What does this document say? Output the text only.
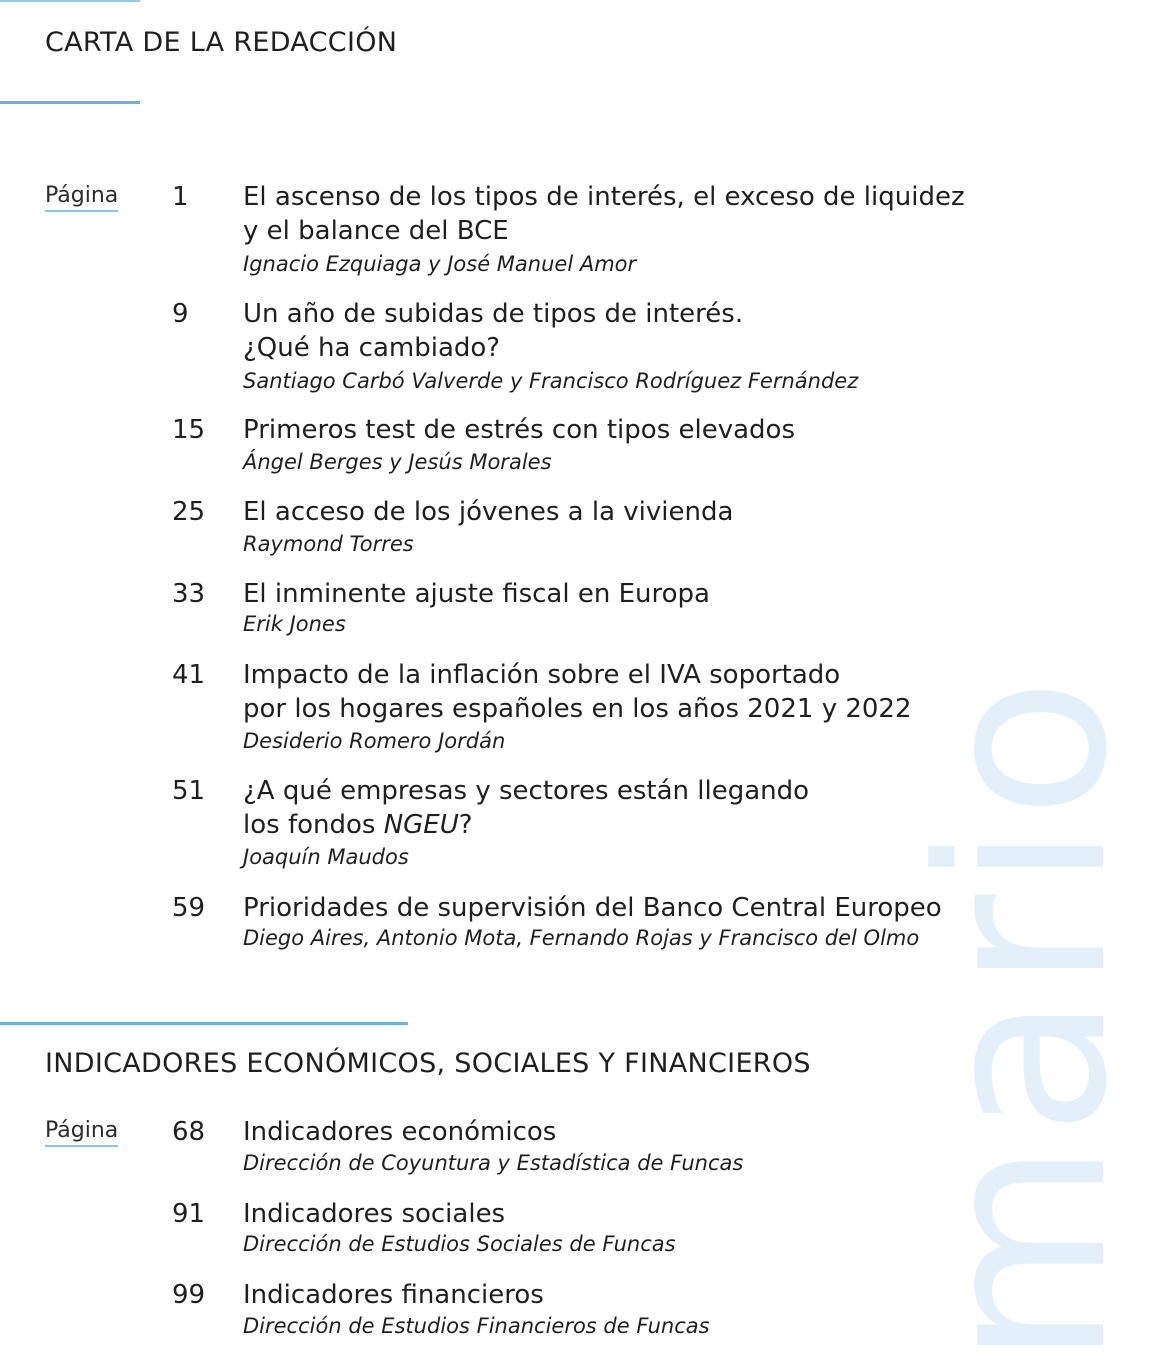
mario
CARTA DE LA REDACCIÓN
Página 1 El ascenso de los tipos de interés, el exceso de liquidez
y el balance del BCE
Ignacio Ezquiaga y José Manuel Amor
9 Un año de subidas de tipos de interés.
¿Qué ha cambiado?
Santiago Carbó Valverde y Francisco Rodríguez Fernández
15 Primeros test de estrés con tipos elevados
Ángel Berges y Jesús Morales
25 El acceso de los jóvenes a la vivienda
Raymond Torres
33 El inminente ajuste fiscal en Europa
Erik Jones
41 Impacto de la inflación sobre el IVA soportado
por los hogares españoles en los años 2021 y 2022
Desiderio Romero Jordán
51 ¿A qué empresas y sectores están llegando
los fondos NGEU?
Joaquín Maudos
59 Prioridades de supervisión del Banco Central Europeo
Diego Aires, Antonio Mota, Fernando Rojas y Francisco del Olmo
INDICADORES ECONÓMICOS, SOCIALES Y FINANCIEROS
Página 68 Indicadores económicos
Dirección de Coyuntura y Estadística de Funcas
91 Indicadores sociales
Dirección de Estudios Sociales de Funcas
99 Indicadores financieros
Dirección de Estudios Financieros de Funcas
